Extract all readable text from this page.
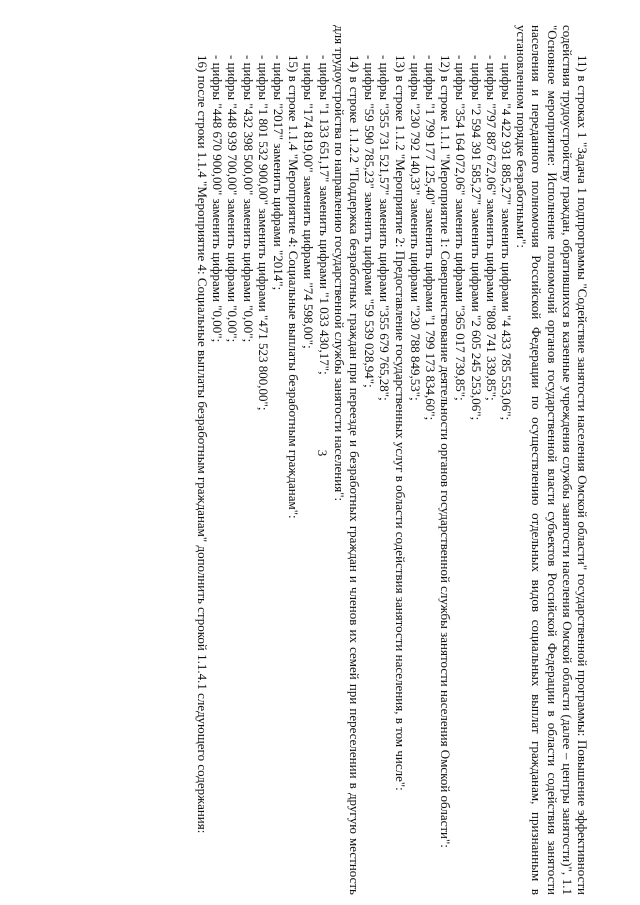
3	11) в строках 1 "Задача 1 подпрограммы "Содействие занятости населения Омской области" государственной программы: Повышение эффективности содействия трудоустройству граждан, обратившихся в казенные учреждения службы занятости населения Омской области (далее – центры занятости)", 1.1 "Основное мероприятие: Исполнение полномочий органов государственной власти субъектов Российской Федерации в области содействия занятости населения и переданного полномочия Российской Федерации по осуществлению отдельных видов социальных выплат гражданам, признанным в установленном порядке безработными":

- цифры "4 422 931 885,27" заменить цифрами "4 433 785 553,06";

- цифры "797 887 672,06" заменить цифрами "808 741 339,85";

- цифры "2 594 391 585,27" заменить цифрами "2 605 245 253,06";

- цифры "354 164 072,06" заменить цифрами "365 017 739,85";

12) в строке 1.1.1 "Мероприятие 1: Совершенствование деятельности органов государственной службы занятости населения Омской области":

- цифры "1 799 177 125,40" заменить цифрами "1 799 173 834,60";

- цифры "230 792 140,33" заменить цифрами "230 788 849,53";

13) в строке 1.1.2 "Мероприятие 2: Предоставление государственных услуг в области содействия занятости населения, в том числе":

- цифры "355 731 521,57" заменить цифрами "355 679 765,28";

- цифры "59 590 785,23" заменить цифрами "59 539 028,94";

14) в строке 1.1.2.2 "Поддержка безработных граждан при переезде и безработных граждан и членов их семей при переселении в другую местность для трудоустройства по направлению государственной службы занятости населения":

- цифры "1 133 651,17" заменить цифрами "1 033 430,17";

- цифры "174 819,00" заменить цифрами "74 598,00";

15) в строке 1.1.4 "Мероприятие 4: Социальные выплаты безработным гражданам":

- цифры "2017" заменить цифрами "2014";

- цифры "1 801 532 900,00" заменить цифрами "471 523 800,00";

- цифры "432 398 500,00" заменить цифрами "0,00";

- цифры "448 939 700,00" заменить цифрами "0,00";

- цифры "448 670 900,00" заменить цифрами "0,00";

16) после строки 1.1.4 "Мероприятие 4: Социальные выплаты безработным гражданам" дополнить строкой 1.1.4.1 следующего содержания:
